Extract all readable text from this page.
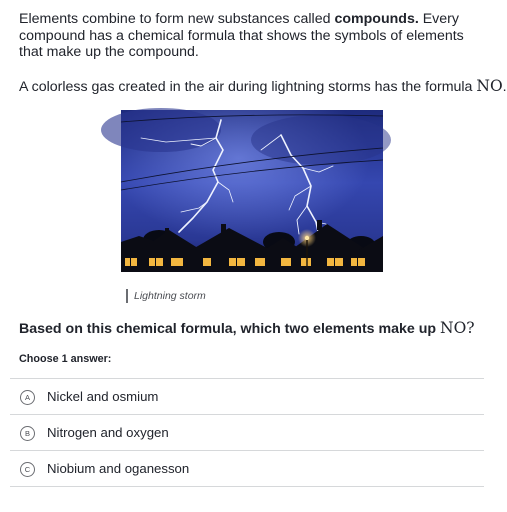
Elements combine to form new substances called compounds. Every compound has a chemical formula that shows the symbols of elements that make up the compound.

A colorless gas created in the air during lightning storms has the formula NO.

Lightning storm

Based on this chemical formula, which two elements make up NO?

Choose 1 answer:

A	Nickel and osmium
B	Nitrogen and oxygen
C	Niobium and oganesson
